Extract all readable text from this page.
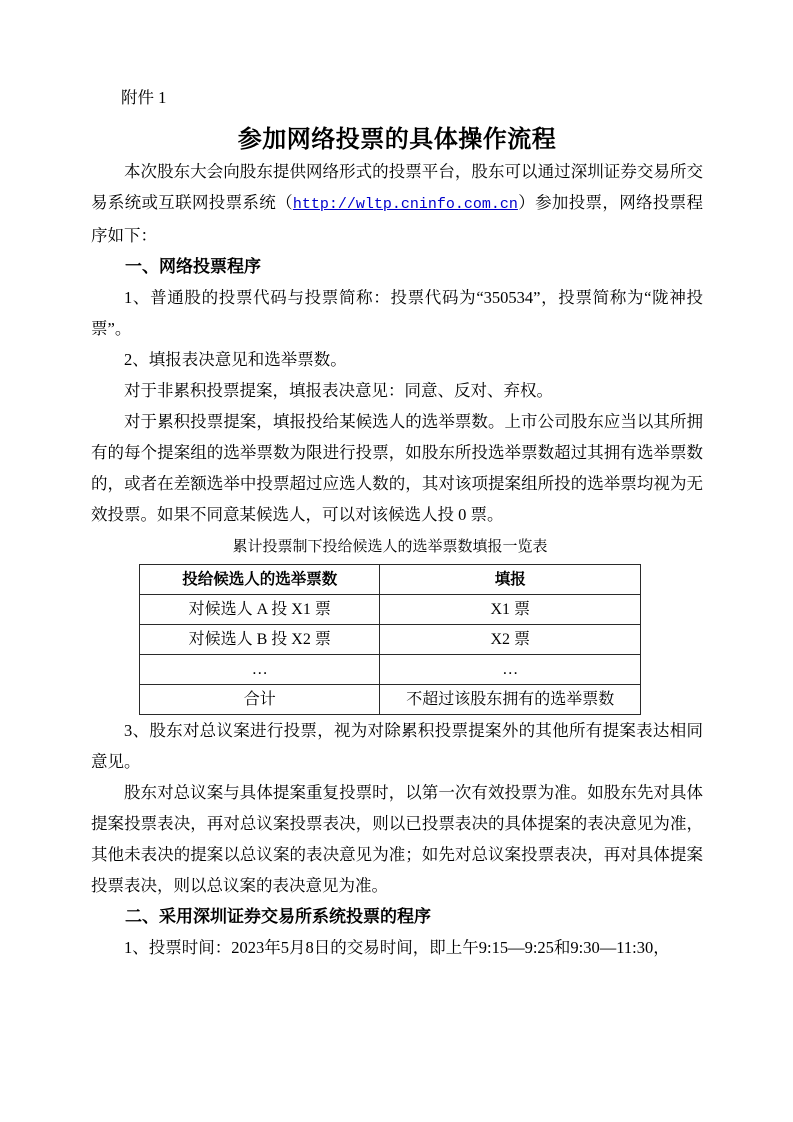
附件 1

参加网络投票的具体操作流程

本次股东大会向股东提供网络形式的投票平台，股东可以通过深圳证券交易所交易系统或互联网投票系统（http://wltp.cninfo.com.cn）参加投票，网络投票程序如下：

一、网络投票程序

1、普通股的投票代码与投票简称：投票代码为“350534”，投票简称为“陇神投票”。

2、填报表决意见和选举票数。

对于非累积投票提案，填报表决意见：同意、反对、弃权。

对于累积投票提案，填报投给某候选人的选举票数。上市公司股东应当以其所拥有的每个提案组的选举票数为限进行投票，如股东所投选举票数超过其拥有选举票数的，或者在差额选举中投票超过应选人数的，其对该项提案组所投的选举票均视为无效投票。如果不同意某候选人，可以对该候选人投 0 票。

累计投票制下投给候选人的选举票数填报一览表
投给候选人的选举票数	填报
对候选人 A 投 X1 票	X1 票
对候选人 B 投 X2 票	X2 票
…	…
合计	不超过该股东拥有的选举票数

3、股东对总议案进行投票，视为对除累积投票提案外的其他所有提案表达相同意见。

股东对总议案与具体提案重复投票时，以第一次有效投票为准。如股东先对具体提案投票表决，再对总议案投票表决，则以已投票表决的具体提案的表决意见为准，其他未表决的提案以总议案的表决意见为准；如先对总议案投票表决，再对具体提案投票表决，则以总议案的表决意见为准。

二、采用深圳证券交易所系统投票的程序

1、投票时间：2023年5月8日的交易时间，即上午9:15—9:25和9:30—11:30，
